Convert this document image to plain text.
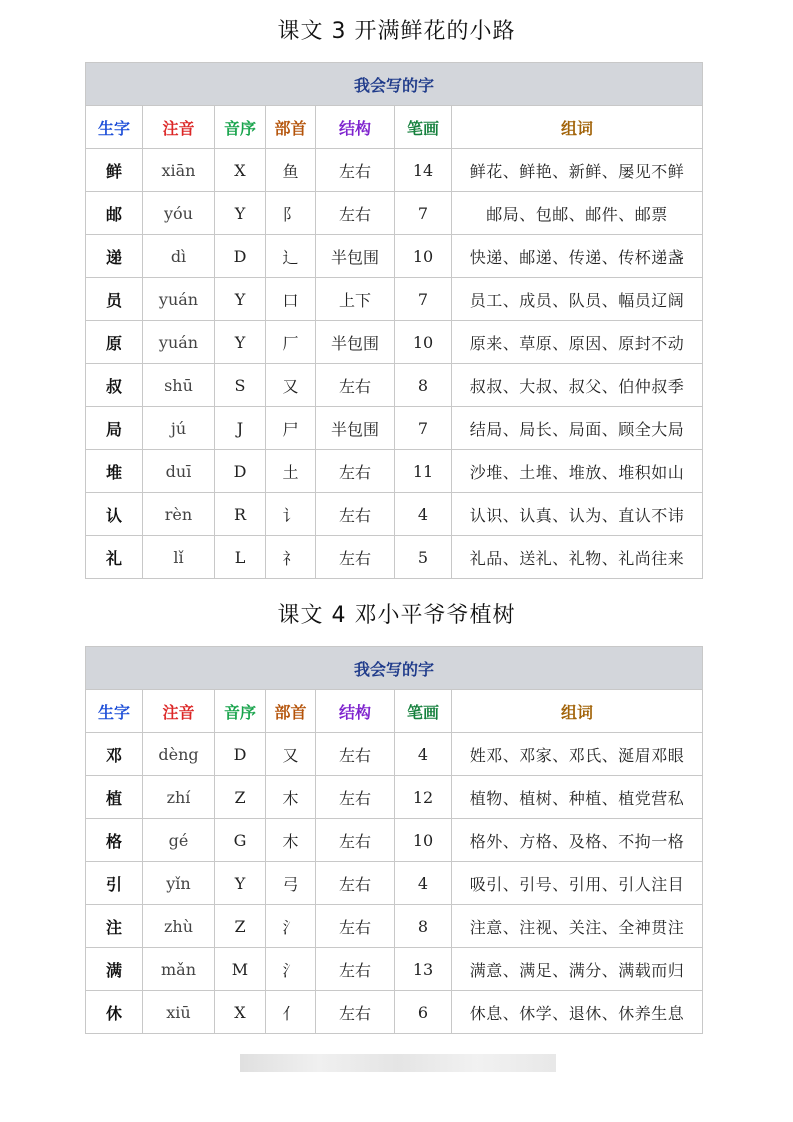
课文 3 开满鲜花的小路
我会写的字						
生字	注音	音序	部首	结构	笔画	组词
鲜	xiān	X	鱼	左右	14	鲜花、鲜艳、新鲜、屡见不鲜
邮	yóu	Y	阝	左右	7	邮局、包邮、邮件、邮票
递	dì	D	辶	半包围	10	快递、邮递、传递、传杯递盏
员	yuán	Y	口	上下	7	员工、成员、队员、幅员辽阔
原	yuán	Y	厂	半包围	10	原来、草原、原因、原封不动
叔	shū	S	又	左右	8	叔叔、大叔、叔父、伯仲叔季
局	jú	J	尸	半包围	7	结局、局长、局面、顾全大局
堆	duī	D	土	左右	11	沙堆、土堆、堆放、堆积如山
认	rèn	R	讠	左右	4	认识、认真、认为、直认不讳
礼	lǐ	L	礻	左右	5	礼品、送礼、礼物、礼尚往来
课文 4 邓小平爷爷植树
我会写的字						
生字	注音	音序	部首	结构	笔画	组词
邓	dèng	D	又	左右	4	姓邓、邓家、邓氏、涎眉邓眼
植	zhí	Z	木	左右	12	植物、植树、种植、植党营私
格	gé	G	木	左右	10	格外、方格、及格、不拘一格
引	yǐn	Y	弓	左右	4	吸引、引号、引用、引人注目
注	zhù	Z	氵	左右	8	注意、注视、关注、全神贯注
满	mǎn	M	氵	左右	13	满意、满足、满分、满载而归
休	xiū	X	亻	左右	6	休息、休学、退休、休养生息
